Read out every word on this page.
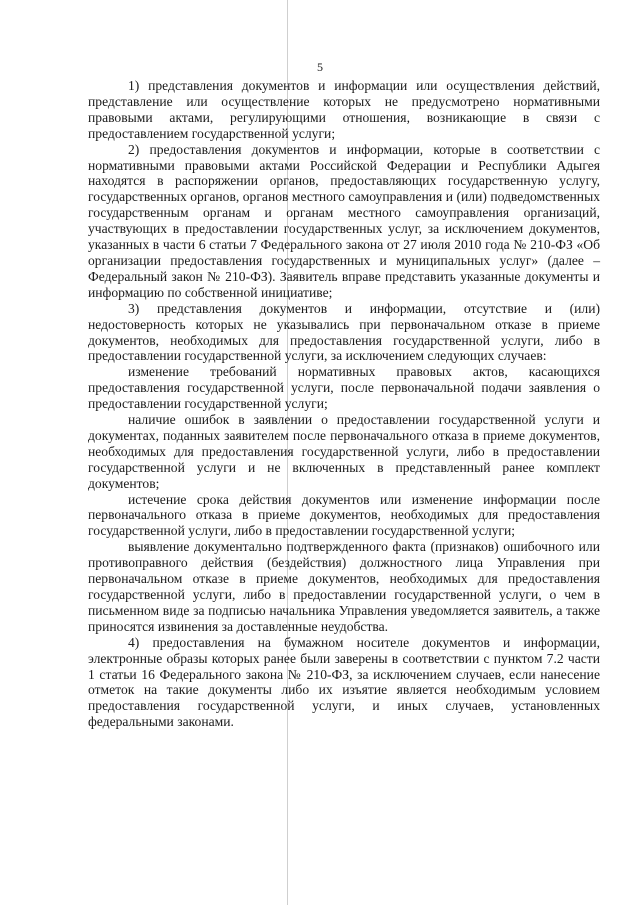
5

1) представления документов и информации или осуществления действий, представление или осуществление которых не предусмотрено нормативными правовыми актами, регулирующими отношения, возникающие в связи с предоставлением государственной услуги;

2) предоставления документов и информации, которые в соответствии с нормативными правовыми актами Российской Федерации и Республики Адыгея находятся в распоряжении органов, предоставляющих государственную услугу, государственных органов, органов местного самоуправления и (или) подведомственных государственным органам и органам местного самоуправления организаций, участвующих в предоставлении государственных услуг, за исключением документов, указанных в части 6 статьи 7 Федерального закона от 27 июля 2010 года № 210-ФЗ «Об организации предоставления государственных и муниципальных услуг» (далее – Федеральный закон № 210-ФЗ). Заявитель вправе представить указанные документы и информацию по собственной инициативе;

3) представления документов и информации, отсутствие и (или) недостоверность которых не указывались при первоначальном отказе в приеме документов, необходимых для предоставления государственной услуги, либо в предоставлении государственной услуги, за исключением следующих случаев:

изменение требований нормативных правовых актов, касающихся предоставления государственной услуги, после первоначальной подачи заявления о предоставлении государственной услуги;

наличие ошибок в заявлении о предоставлении государственной услуги и документах, поданных заявителем после первоначального отказа в приеме документов, необходимых для предоставления государственной услуги, либо в предоставлении государственной услуги и не включенных в представленный ранее комплект документов;

истечение срока действия документов или изменение информации после первоначального отказа в приеме документов, необходимых для предоставления государственной услуги, либо в предоставлении государственной услуги;

выявление документально подтвержденного факта (признаков) ошибочного или противоправного действия (бездействия) должностного лица Управления при первоначальном отказе в приеме документов, необходимых для предоставления государственной услуги, либо в предоставлении государственной услуги, о чем в письменном виде за подписью начальника Управления уведомляется заявитель, а также приносятся извинения за доставленные неудобства.

4) предоставления на бумажном носителе документов и информации, электронные образы которых ранее были заверены в соответствии с пунктом 7.2 части 1 статьи 16 Федерального закона № 210-ФЗ, за исключением случаев, если нанесение отметок на такие документы либо их изъятие является необходимым условием предоставления государственной услуги, и иных случаев, установленных федеральными законами.
